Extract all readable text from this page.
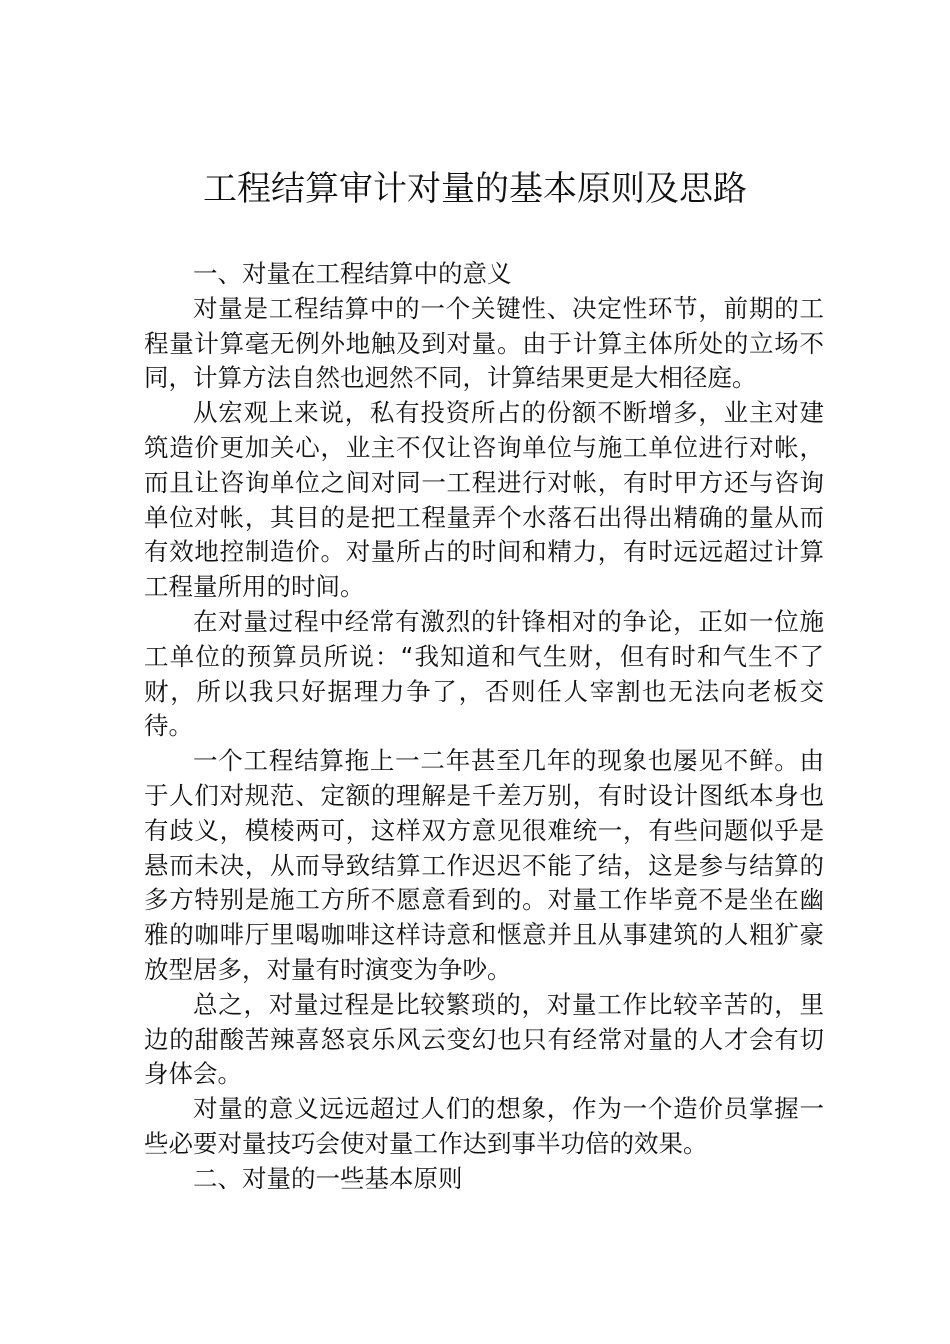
工程结算审计对量的基本原则及思路

一、对量在工程结算中的意义

对量是工程结算中的一个关键性、决定性环节，前期的工程量计算毫无例外地触及到对量。由于计算主体所处的立场不同，计算方法自然也迥然不同，计算结果更是大相径庭。

从宏观上来说，私有投资所占的份额不断增多，业主对建筑造价更加关心，业主不仅让咨询单位与施工单位进行对帐，而且让咨询单位之间对同一工程进行对帐，有时甲方还与咨询单位对帐，其目的是把工程量弄个水落石出得出精确的量从而有效地控制造价。对量所占的时间和精力，有时远远超过计算工程量所用的时间。

在对量过程中经常有激烈的针锋相对的争论，正如一位施工单位的预算员所说：“我知道和气生财，但有时和气生不了财，所以我只好据理力争了，否则任人宰割也无法向老板交待。

一个工程结算拖上一二年甚至几年的现象也屡见不鲜。由于人们对规范、定额的理解是千差万别，有时设计图纸本身也有歧义，模棱两可，这样双方意见很难统一，有些问题似乎是悬而未决，从而导致结算工作迟迟不能了结，这是参与结算的多方特别是施工方所不愿意看到的。对量工作毕竟不是坐在幽雅的咖啡厅里喝咖啡这样诗意和惬意并且从事建筑的人粗犷豪放型居多，对量有时演变为争吵。

总之，对量过程是比较繁琐的，对量工作比较辛苦的，里边的甜酸苦辣喜怒哀乐风云变幻也只有经常对量的人才会有切身体会。

对量的意义远远超过人们的想象，作为一个造价员掌握一些必要对量技巧会使对量工作达到事半功倍的效果。

二、对量的一些基本原则
